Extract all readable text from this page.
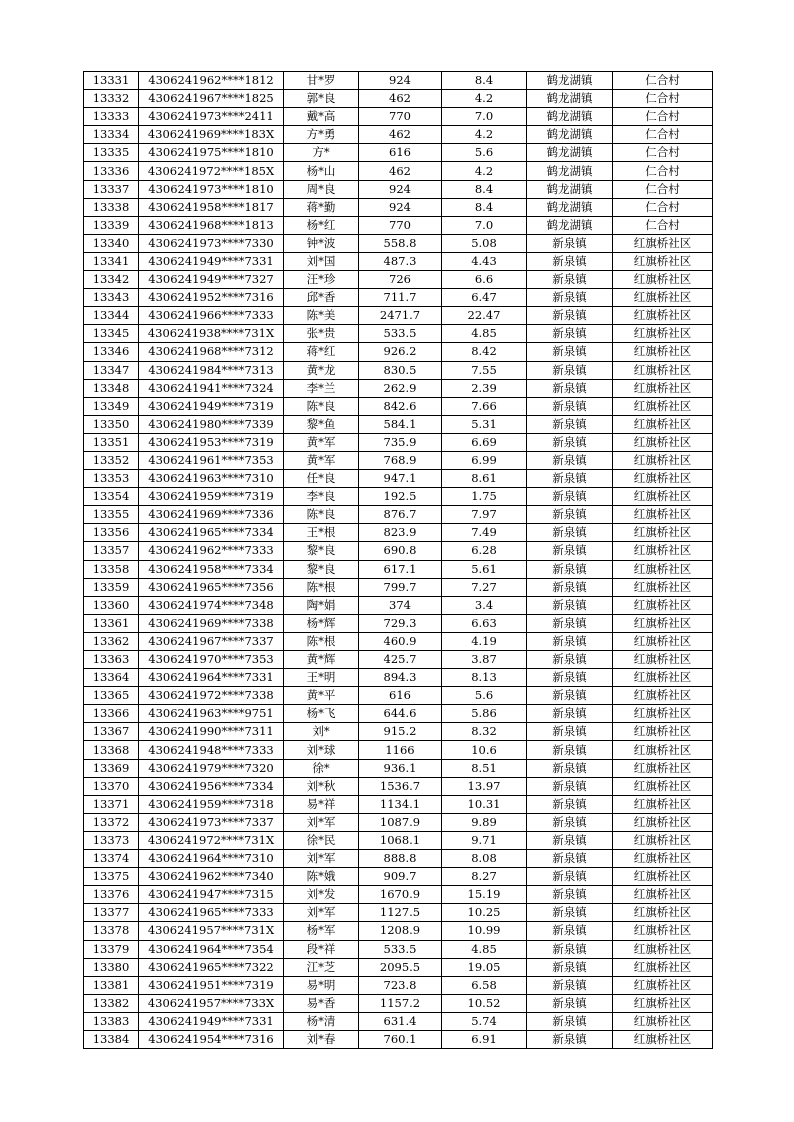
13331	4306241962****1812	甘*罗	924	8.4	鹤龙湖镇	仁合村
13332	4306241967****1825	郭*良	462	4.2	鹤龙湖镇	仁合村
13333	4306241973****2411	戴*高	770	7.0	鹤龙湖镇	仁合村
13334	4306241969****183X	方*勇	462	4.2	鹤龙湖镇	仁合村
13335	4306241975****1810	方*	616	5.6	鹤龙湖镇	仁合村
13336	4306241972****185X	杨*山	462	4.2	鹤龙湖镇	仁合村
13337	4306241973****1810	周*良	924	8.4	鹤龙湖镇	仁合村
13338	4306241958****1817	蒋*勤	924	8.4	鹤龙湖镇	仁合村
13339	4306241968****1813	杨*红	770	7.0	鹤龙湖镇	仁合村
13340	4306241973****7330	钟*波	558.8	5.08	新泉镇	红旗桥社区
13341	4306241949****7331	刘*国	487.3	4.43	新泉镇	红旗桥社区
13342	4306241949****7327	汪*珍	726	6.6	新泉镇	红旗桥社区
13343	4306241952****7316	邱*香	711.7	6.47	新泉镇	红旗桥社区
13344	4306241966****7333	陈*美	2471.7	22.47	新泉镇	红旗桥社区
13345	4306241938****731X	张*贵	533.5	4.85	新泉镇	红旗桥社区
13346	4306241968****7312	蒋*红	926.2	8.42	新泉镇	红旗桥社区
13347	4306241984****7313	黄*龙	830.5	7.55	新泉镇	红旗桥社区
13348	4306241941****7324	李*兰	262.9	2.39	新泉镇	红旗桥社区
13349	4306241949****7319	陈*良	842.6	7.66	新泉镇	红旗桥社区
13350	4306241980****7339	黎*鱼	584.1	5.31	新泉镇	红旗桥社区
13351	4306241953****7319	黄*军	735.9	6.69	新泉镇	红旗桥社区
13352	4306241961****7353	黄*军	768.9	6.99	新泉镇	红旗桥社区
13353	4306241963****7310	任*良	947.1	8.61	新泉镇	红旗桥社区
13354	4306241959****7319	李*良	192.5	1.75	新泉镇	红旗桥社区
13355	4306241969****7336	陈*良	876.7	7.97	新泉镇	红旗桥社区
13356	4306241965****7334	王*根	823.9	7.49	新泉镇	红旗桥社区
13357	4306241962****7333	黎*良	690.8	6.28	新泉镇	红旗桥社区
13358	4306241958****7334	黎*良	617.1	5.61	新泉镇	红旗桥社区
13359	4306241965****7356	陈*根	799.7	7.27	新泉镇	红旗桥社区
13360	4306241974****7348	陶*娟	374	3.4	新泉镇	红旗桥社区
13361	4306241969****7338	杨*辉	729.3	6.63	新泉镇	红旗桥社区
13362	4306241967****7337	陈*根	460.9	4.19	新泉镇	红旗桥社区
13363	4306241970****7353	黄*辉	425.7	3.87	新泉镇	红旗桥社区
13364	4306241964****7331	王*明	894.3	8.13	新泉镇	红旗桥社区
13365	4306241972****7338	黄*平	616	5.6	新泉镇	红旗桥社区
13366	4306241963****9751	杨*飞	644.6	5.86	新泉镇	红旗桥社区
13367	4306241990****7311	刘*	915.2	8.32	新泉镇	红旗桥社区
13368	4306241948****7333	刘*球	1166	10.6	新泉镇	红旗桥社区
13369	4306241979****7320	徐*	936.1	8.51	新泉镇	红旗桥社区
13370	4306241956****7334	刘*秋	1536.7	13.97	新泉镇	红旗桥社区
13371	4306241959****7318	易*祥	1134.1	10.31	新泉镇	红旗桥社区
13372	4306241973****7337	刘*军	1087.9	9.89	新泉镇	红旗桥社区
13373	4306241972****731X	徐*民	1068.1	9.71	新泉镇	红旗桥社区
13374	4306241964****7310	刘*军	888.8	8.08	新泉镇	红旗桥社区
13375	4306241962****7340	陈*娥	909.7	8.27	新泉镇	红旗桥社区
13376	4306241947****7315	刘*发	1670.9	15.19	新泉镇	红旗桥社区
13377	4306241965****7333	刘*军	1127.5	10.25	新泉镇	红旗桥社区
13378	4306241957****731X	杨*军	1208.9	10.99	新泉镇	红旗桥社区
13379	4306241964****7354	段*祥	533.5	4.85	新泉镇	红旗桥社区
13380	4306241965****7322	江*芝	2095.5	19.05	新泉镇	红旗桥社区
13381	4306241951****7319	易*明	723.8	6.58	新泉镇	红旗桥社区
13382	4306241957****733X	易*香	1157.2	10.52	新泉镇	红旗桥社区
13383	4306241949****7331	杨*清	631.4	5.74	新泉镇	红旗桥社区
13384	4306241954****7316	刘*春	760.1	6.91	新泉镇	红旗桥社区
